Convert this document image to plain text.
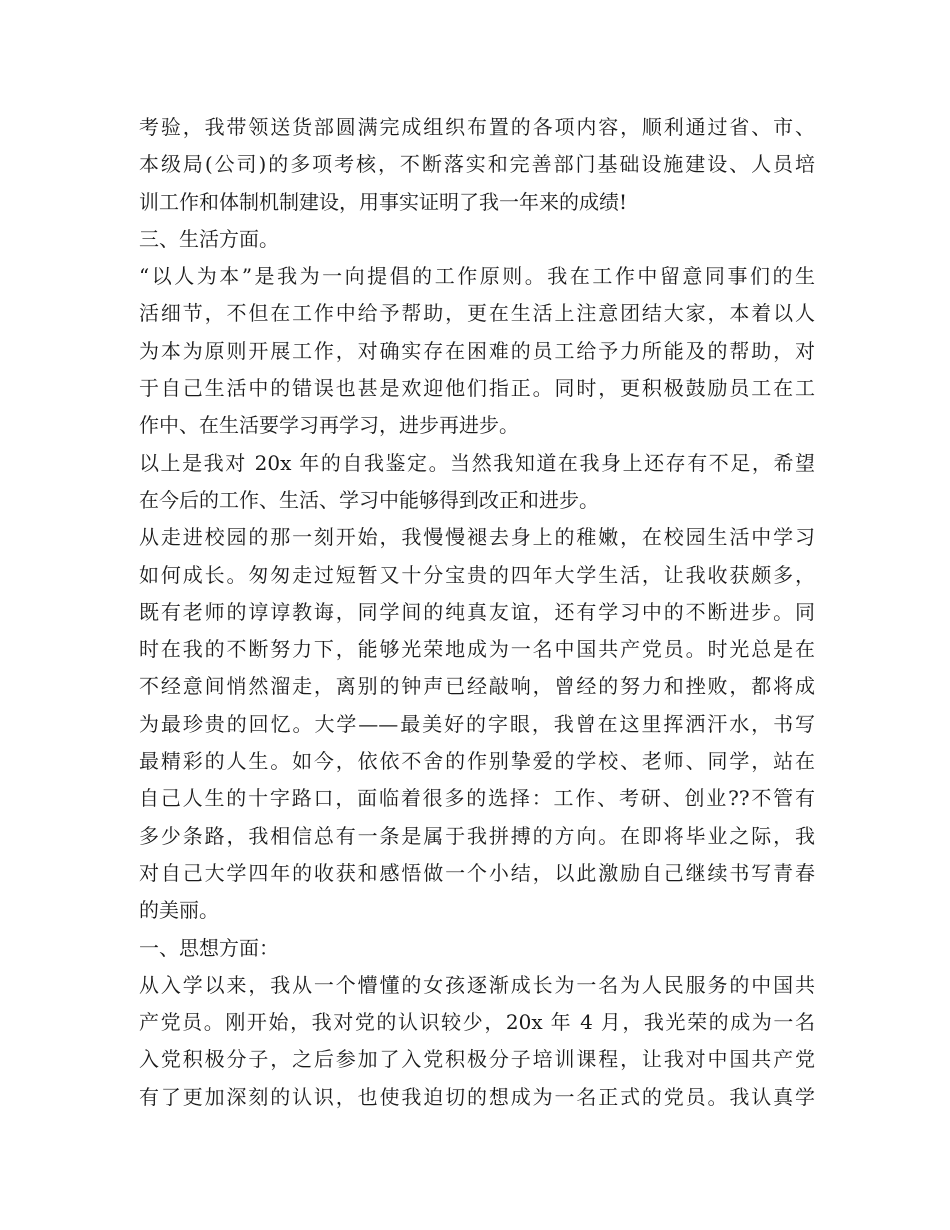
考验，我带领送货部圆满完成组织布置的各项内容，顺利通过省、市、
本级局(公司)的多项考核，不断落实和完善部门基础设施建设、人员培
训工作和体制机制建设，用事实证明了我一年来的成绩!
三、生活方面。
“以人为本”是我为一向提倡的工作原则。我在工作中留意同事们的生
活细节，不但在工作中给予帮助，更在生活上注意团结大家，本着以人
为本为原则开展工作，对确实存在困难的员工给予力所能及的帮助，对
于自己生活中的错误也甚是欢迎他们指正。同时，更积极鼓励员工在工
作中、在生活要学习再学习，进步再进步。
以上是我对 20x 年的自我鉴定。当然我知道在我身上还存有不足，希望
在今后的工作、生活、学习中能够得到改正和进步。
从走进校园的那一刻开始，我慢慢褪去身上的稚嫩，在校园生活中学习
如何成长。匆匆走过短暂又十分宝贵的四年大学生活，让我收获颇多，
既有老师的谆谆教诲，同学间的纯真友谊，还有学习中的不断进步。同
时在我的不断努力下，能够光荣地成为一名中国共产党员。时光总是在
不经意间悄然溜走，离别的钟声已经敲响，曾经的努力和挫败，都将成
为最珍贵的回忆。大学——最美好的字眼，我曾在这里挥洒汗水，书写
最精彩的人生。如今，依依不舍的作别挚爱的学校、老师、同学，站在
自己人生的十字路口，面临着很多的选择：工作、考研、创业??不管有
多少条路，我相信总有一条是属于我拼搏的方向。在即将毕业之际，我
对自己大学四年的收获和感悟做一个小结，以此激励自己继续书写青春
的美丽。
一、思想方面：
从入学以来，我从一个懵懂的女孩逐渐成长为一名为人民服务的中国共
产党员。刚开始，我对党的认识较少，20x 年 4 月，我光荣的成为一名
入党积极分子，之后参加了入党积极分子培训课程，让我对中国共产党
有了更加深刻的认识，也使我迫切的想成为一名正式的党员。我认真学
